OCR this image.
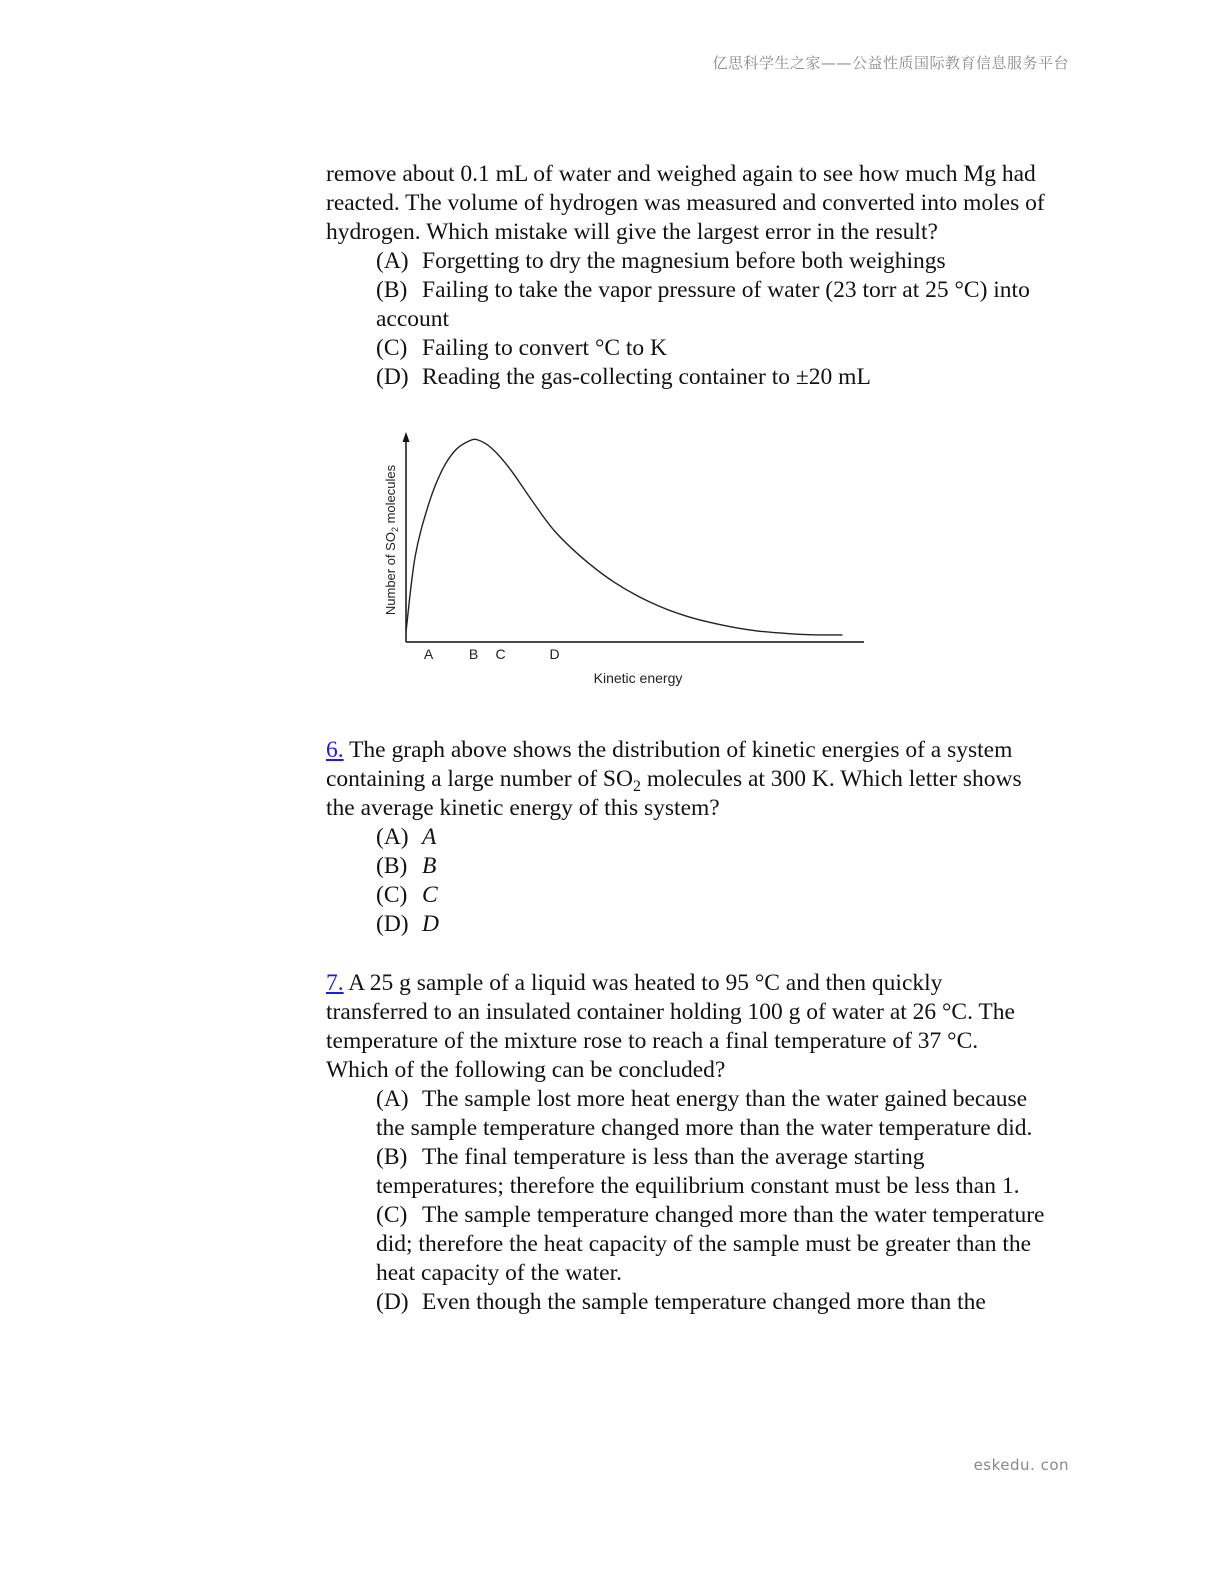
亿思科学生之家——公益性质国际教育信息服务平台

remove about 0.1 mL of water and weighed again to see how much Mg had reacted. The volume of hydrogen was measured and converted into moles of hydrogen. Which mistake will give the largest error in the result?

(A) Forgetting to dry the magnesium before both weighings

(B) Failing to take the vapor pressure of water (23 torr at 25 °C) into account

(C) Failing to convert °C to K

(D) Reading the gas-collecting container to ±20 mL

A	B C	D
Kinetic energy
Number of $SO_2$ molecules

6. The graph above shows the distribution of kinetic energies of a system containing a large number of $SO_2$ molecules at 300 K. Which letter shows the average kinetic energy of this system?

(A) A

(B) B

(C) C

(D) D

7. A 25 g sample of a liquid was heated to 95 °C and then quickly transferred to an insulated container holding 100 g of water at 26 °C. The temperature of the mixture rose to reach a final temperature of 37 °C. Which of the following can be concluded?

(A) The sample lost more heat energy than the water gained because the sample temperature changed more than the water temperature did.

(B) The final temperature is less than the average starting temperatures; therefore the equilibrium constant must be less than 1.

(C) The sample temperature changed more than the water temperature did; therefore the heat capacity of the sample must be greater than the heat capacity of the water.

(D) Even though the sample temperature changed more than the

eskedu. con
